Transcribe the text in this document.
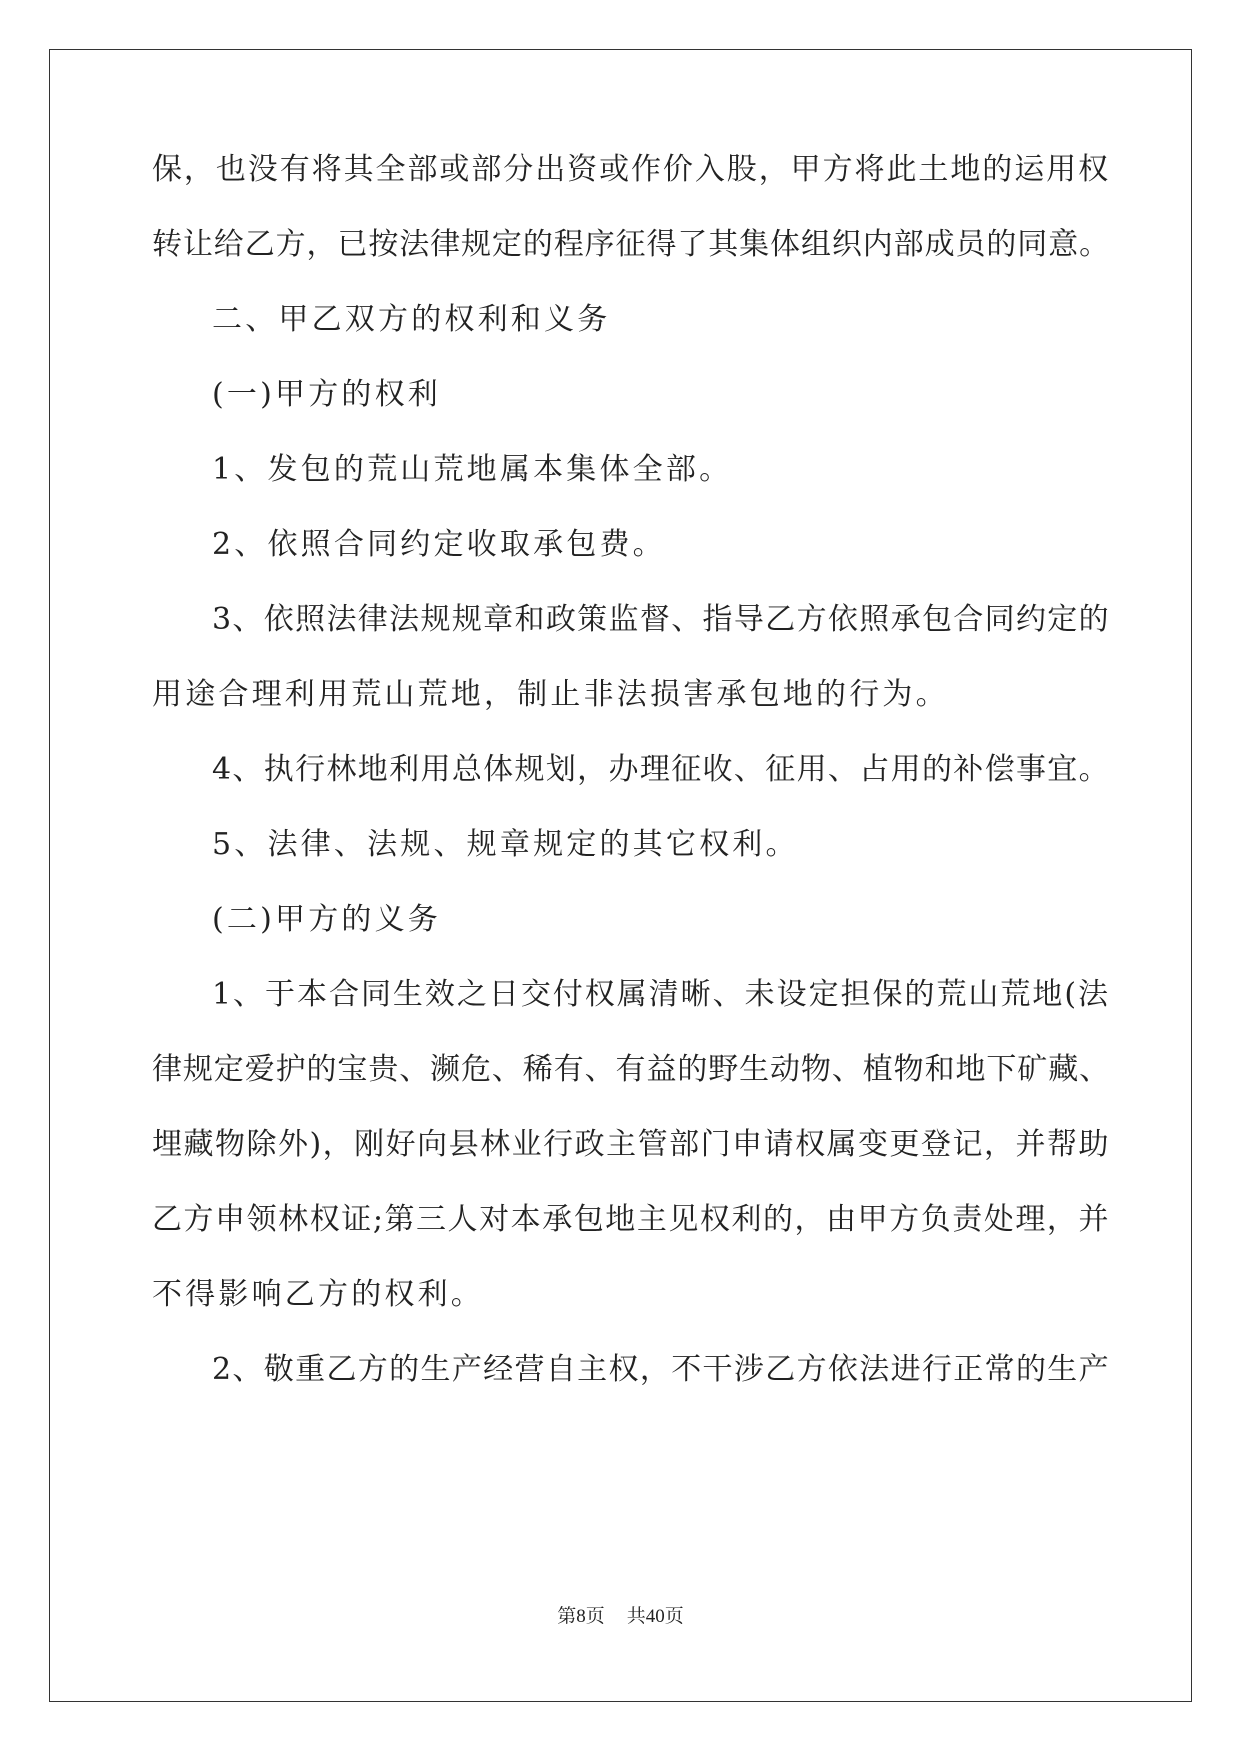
保，也没有将其全部或部分出资或作价入股，甲方将此土地的运用权
转让给乙方，已按法律规定的程序征得了其集体组织内部成员的同意。
二、甲乙双方的权利和义务
(一)甲方的权利
1、发包的荒山荒地属本集体全部。
2、依照合同约定收取承包费。
3、依照法律法规规章和政策监督、指导乙方依照承包合同约定的
用途合理利用荒山荒地，制止非法损害承包地的行为。
4、执行林地利用总体规划，办理征收、征用、占用的补偿事宜。
5、法律、法规、规章规定的其它权利。
(二)甲方的义务
1、于本合同生效之日交付权属清晰、未设定担保的荒山荒地(法
律规定爱护的宝贵、濒危、稀有、有益的野生动物、植物和地下矿藏、
埋藏物除外)，刚好向县林业行政主管部门申请权属变更登记，并帮助
乙方申领林权证;第三人对本承包地主见权利的，由甲方负责处理，并
不得影响乙方的权利。
2、敬重乙方的生产经营自主权，不干涉乙方依法进行正常的生产
第8页 共40页
